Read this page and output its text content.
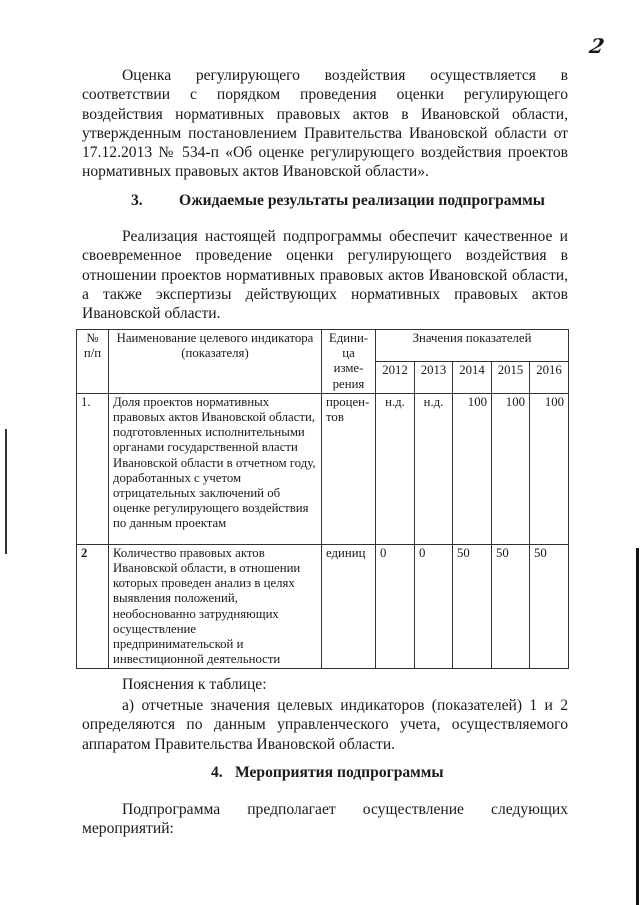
2
Оценка регулирующего воздействия осуществляется в соответствии с порядком проведения оценки регулирующего воздействия нормативных правовых актов в Ивановской области, утвержденным постановлением Правительства Ивановской области от 17.12.2013 № 534-п «Об оценке регулирующего воздействия проектов нормативных правовых актов Ивановской области».
3. Ожидаемые результаты реализации подпрограммы
Реализация настоящей подпрограммы обеспечит качественное и своевременное проведение оценки регулирующего воздействия в отношении проектов нормативных правовых актов Ивановской области, а также экспертизы действующих нормативных правовых актов Ивановской области.
№ п/п	Наименование целевого индикатора (показателя)	Едини-ца изме-рения	Значения показателей				
			2012	2013	2014	2015	2016
1.	Доля проектов нормативных правовых актов Ивановской области, подготовленных исполнительными органами государственной власти Ивановской области в отчетном году, доработанных с учетом отрицательных заключений об оценке регулирующего воздействия по данным проектам	процен-тов	н.д.	н.д.	100	100	100
2	Количество правовых актов Ивановской области, в отношении которых проведен анализ в целях выявления положений, необоснованно затрудняющих осуществление предпринимательской и инвестиционной деятельности	единиц	0	0	50	50	50
Пояснения к таблице:
а) отчетные значения целевых индикаторов (показателей) 1 и 2 определяются по данным управленческого учета, осуществляемого аппаратом Правительства Ивановской области.
4. Мероприятия подпрограммы
Подпрограмма предполагает осуществление следующих мероприятий:
